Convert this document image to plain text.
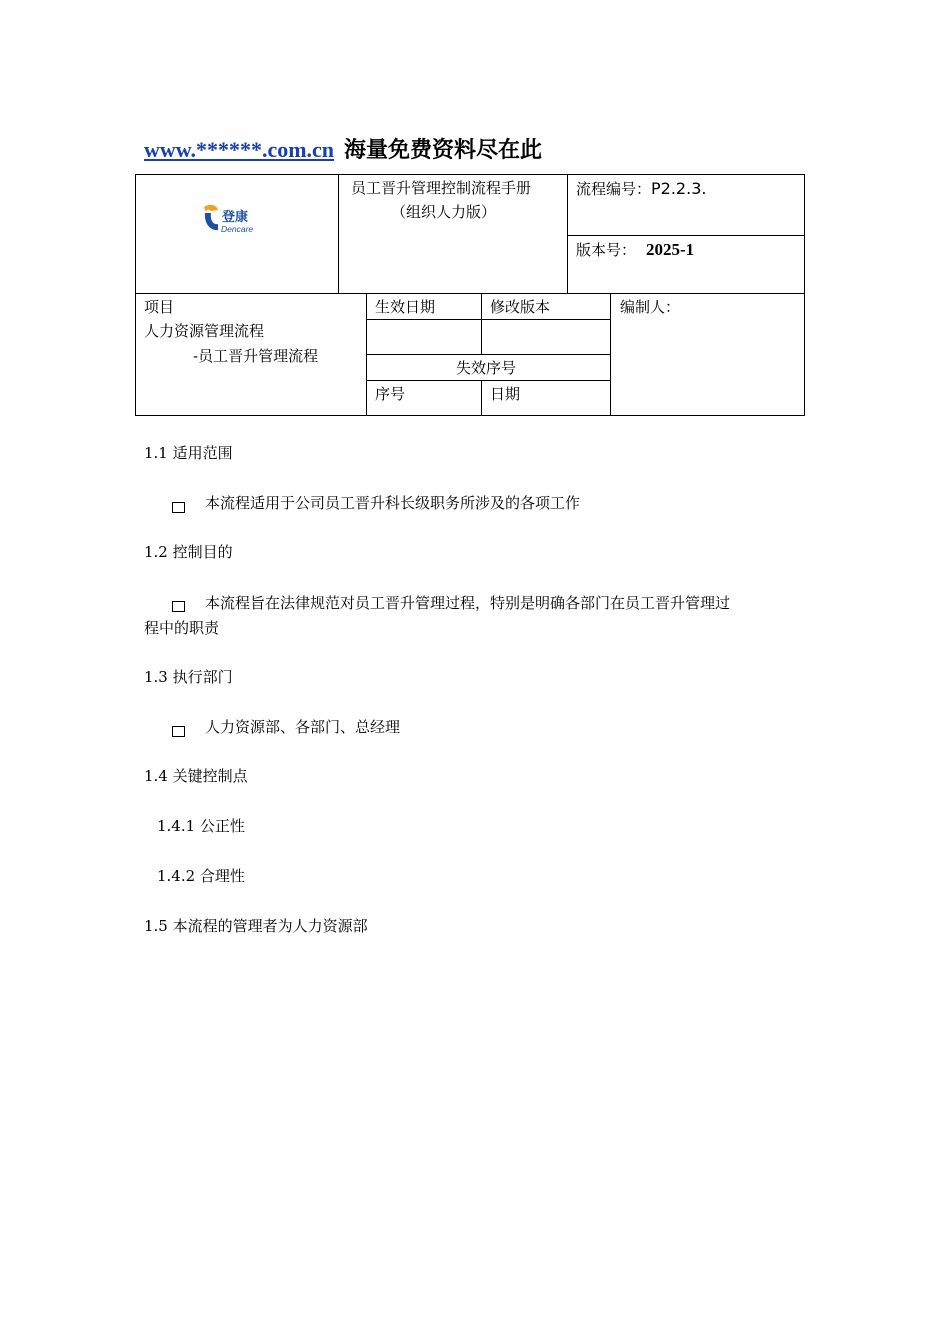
www.******.com.cn 海量免费资料尽在此
登康
Dencare
员工晋升管理控制流程手册
（组织人力版）
流程编号：P2.2.3.
版本号： 2025-1
项目
人力资源管理流程
-员工晋升管理流程
生效日期	修改版本	编制人：
失效序号
序号	日期
1.1 适用范围
本流程适用于公司员工晋升科长级职务所涉及的各项工作
1.2 控制目的
本流程旨在法律规范对员工晋升管理过程，特别是明确各部门在员工晋升管理过
程中的职责
1.3 执行部门
人力资源部、各部门、总经理
1.4 关键控制点
1.4.1 公正性
1.4.2 合理性
1.5 本流程的管理者为人力资源部
